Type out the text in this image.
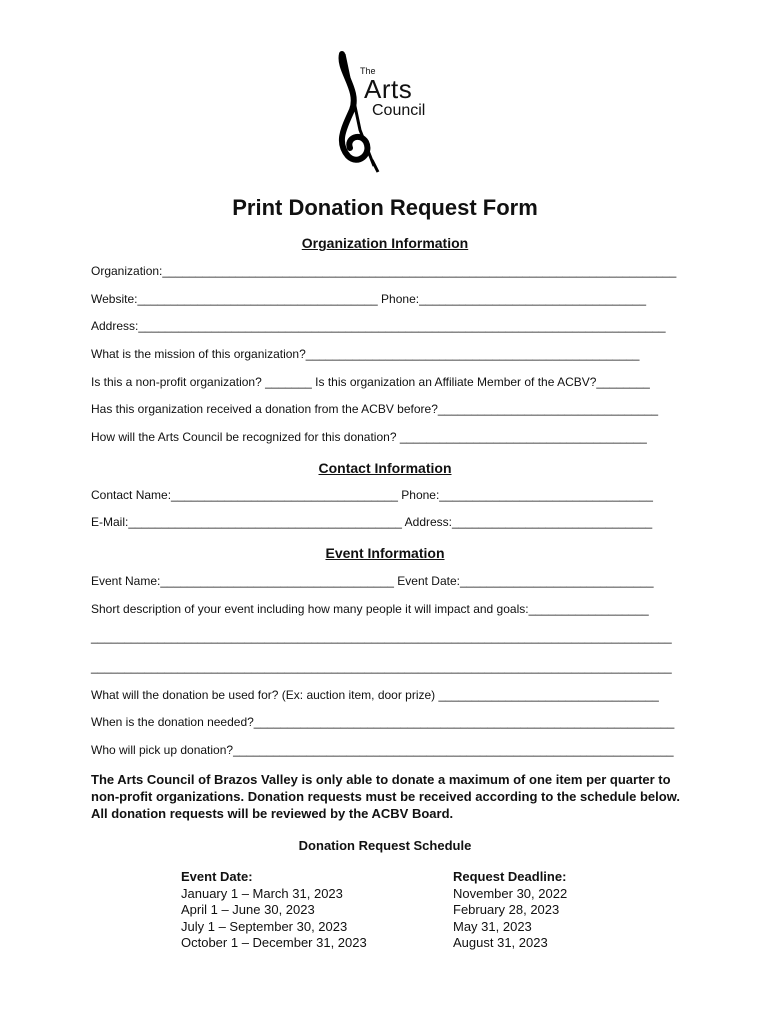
The
Arts
Council
Print Donation Request Form

Organization Information

Organization:_____________________________________________________________________________

Website:____________________________________ Phone:__________________________________

Address:_______________________________________________________________________________

What is the mission of this organization?__________________________________________________

Is this a non-profit organization? _______ Is this organization an Affiliate Member of the ACBV?________

Has this organization received a donation from the ACBV before?_________________________________

How will the Arts Council be recognized for this donation? _____________________________________

Contact Information

Contact Name:__________________________________ Phone:________________________________

E-Mail:_________________________________________ Address:______________________________

Event Information

Event Name:___________________________________ Event Date:_____________________________

Short description of your event including how many people it will impact and goals:__________________

_______________________________________________________________________________________

_______________________________________________________________________________________

What will the donation be used for? (Ex: auction item, door prize) _________________________________

When is the donation needed?_______________________________________________________________

Who will pick up donation?__________________________________________________________________

The Arts Council of Brazos Valley is only able to donate a maximum of one item per quarter to non-profit organizations. Donation requests must be received according to the schedule below. All donation requests will be reviewed by the ACBV Board.

Donation Request Schedule

Event Date:
January 1 – March 31, 2023
April 1 – June 30, 2023
July 1 – September 30, 2023
October 1 – December 31, 2023
Request Deadline:
November 30, 2022
February 28, 2023
May 31, 2023
August 31, 2023
